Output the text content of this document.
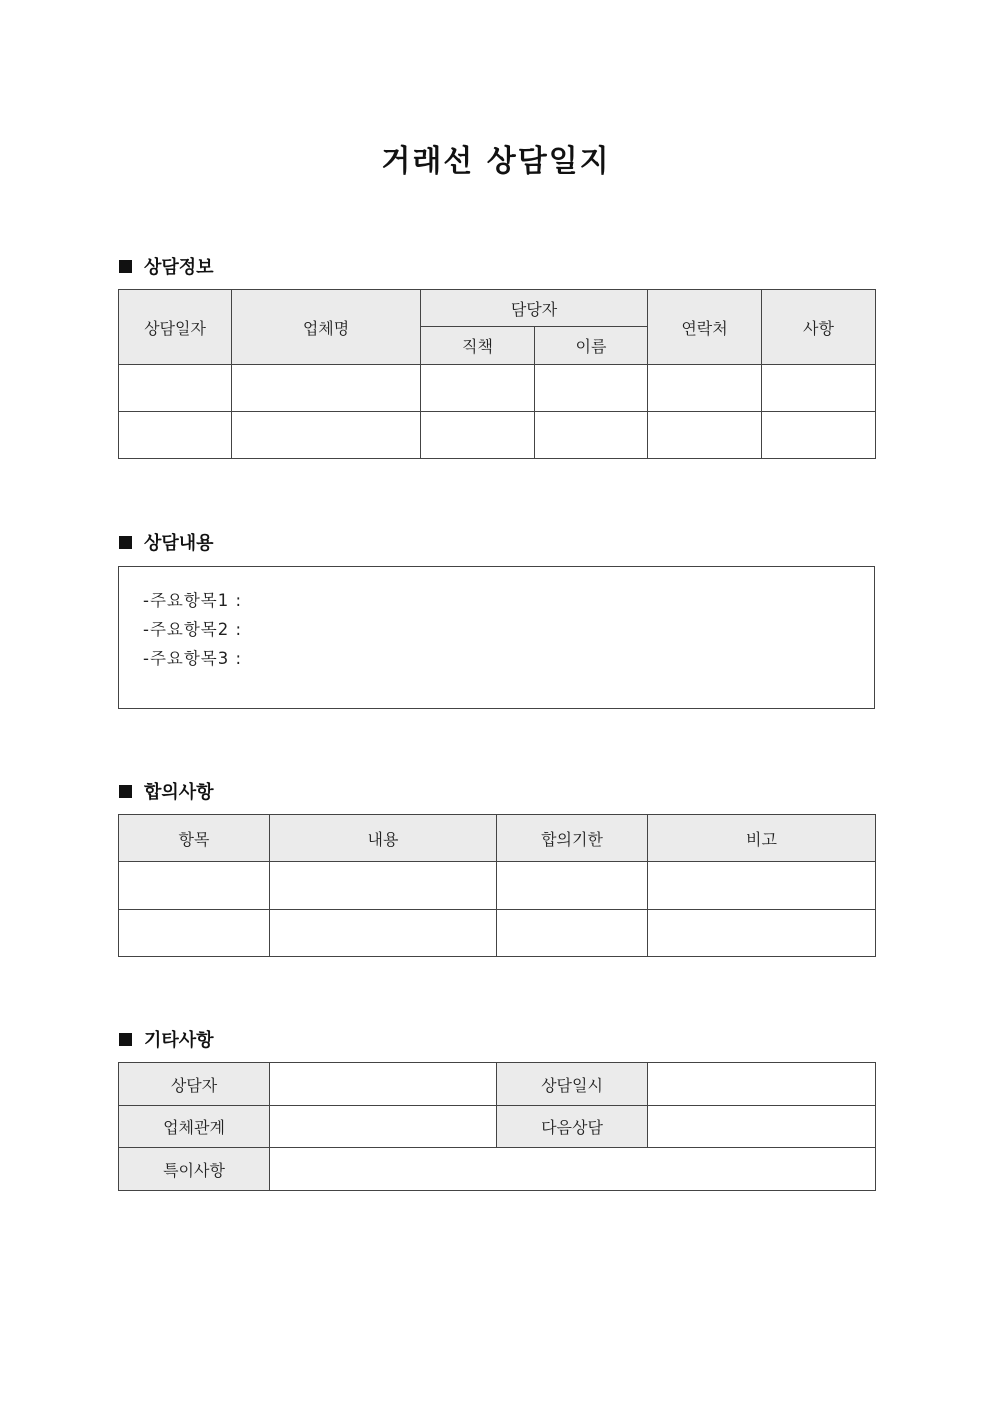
거래선 상담일지
상담정보
상담일자	업체명	담당자		연락처	사항
		직책	이름		

상담내용
-주요항목1 :
-주요항목2 :
-주요항목3 :
합의사항
항목	내용	합의기한	비고

기타사항
상담자		상담일시	
업체관계		다음상담	
특이사항			
